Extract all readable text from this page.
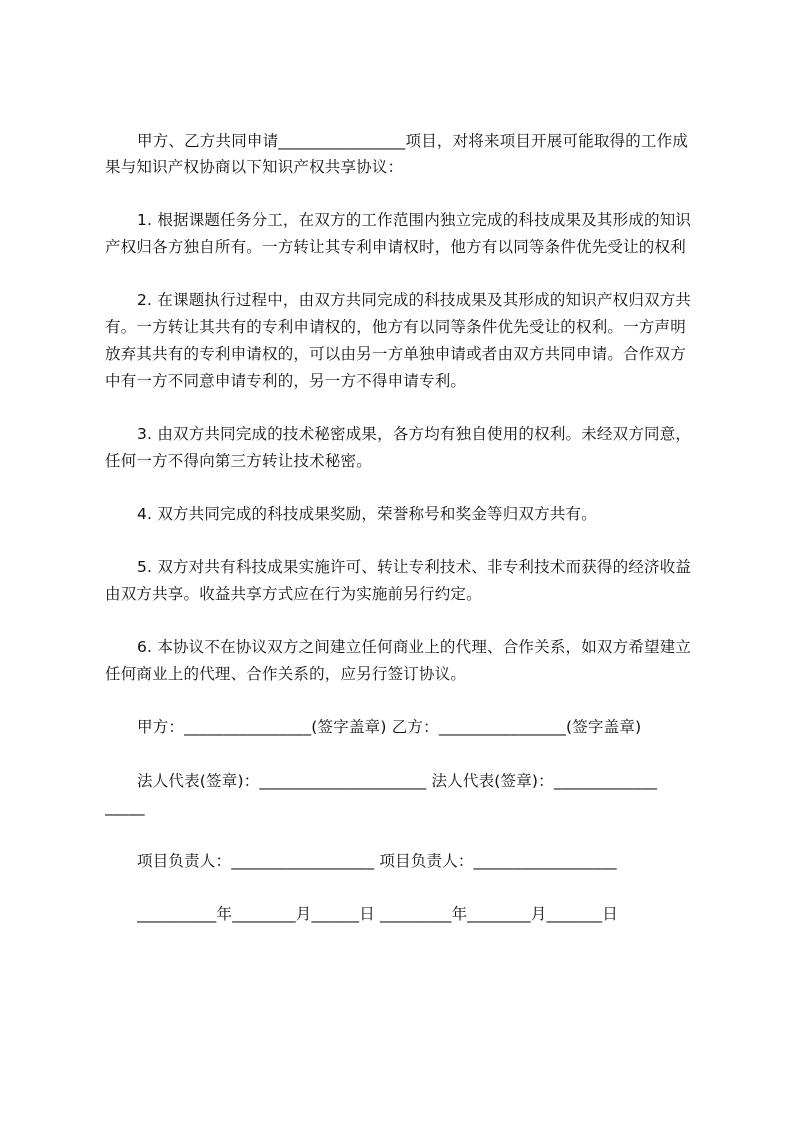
甲方、乙方共同申请________________项目，对将来项目开展可能取得的工作成
果与知识产权协商以下知识产权共享协议：
1. 根据课题任务分工，在双方的工作范围内独立完成的科技成果及其形成的知识
产权归各方独自所有。一方转让其专利申请权时，他方有以同等条件优先受让的权利
2. 在课题执行过程中，由双方共同完成的科技成果及其形成的知识产权归双方共
有。一方转让其共有的专利申请权的，他方有以同等条件优先受让的权利。一方声明
放弃其共有的专利申请权的，可以由另一方单独申请或者由双方共同申请。合作双方
中有一方不同意申请专利的，另一方不得申请专利。
3. 由双方共同完成的技术秘密成果，各方均有独自使用的权利。未经双方同意，
任何一方不得向第三方转让技术秘密。
4. 双方共同完成的科技成果奖励，荣誉称号和奖金等归双方共有。
5. 双方对共有科技成果实施许可、转让专利技术、非专利技术而获得的经济收益
由双方共享。收益共享方式应在行为实施前另行约定。
6. 本协议不在协议双方之间建立任何商业上的代理、合作关系，如双方希望建立
任何商业上的代理、合作关系的，应另行签订协议。
甲方：________________(签字盖章) 乙方：________________(签字盖章)
法人代表(签章)：_____________________ 法人代表(签章)：_____________
_____
项目负责人：__________________ 项目负责人：__________________
__________年________月______日 _________年________月_______日
